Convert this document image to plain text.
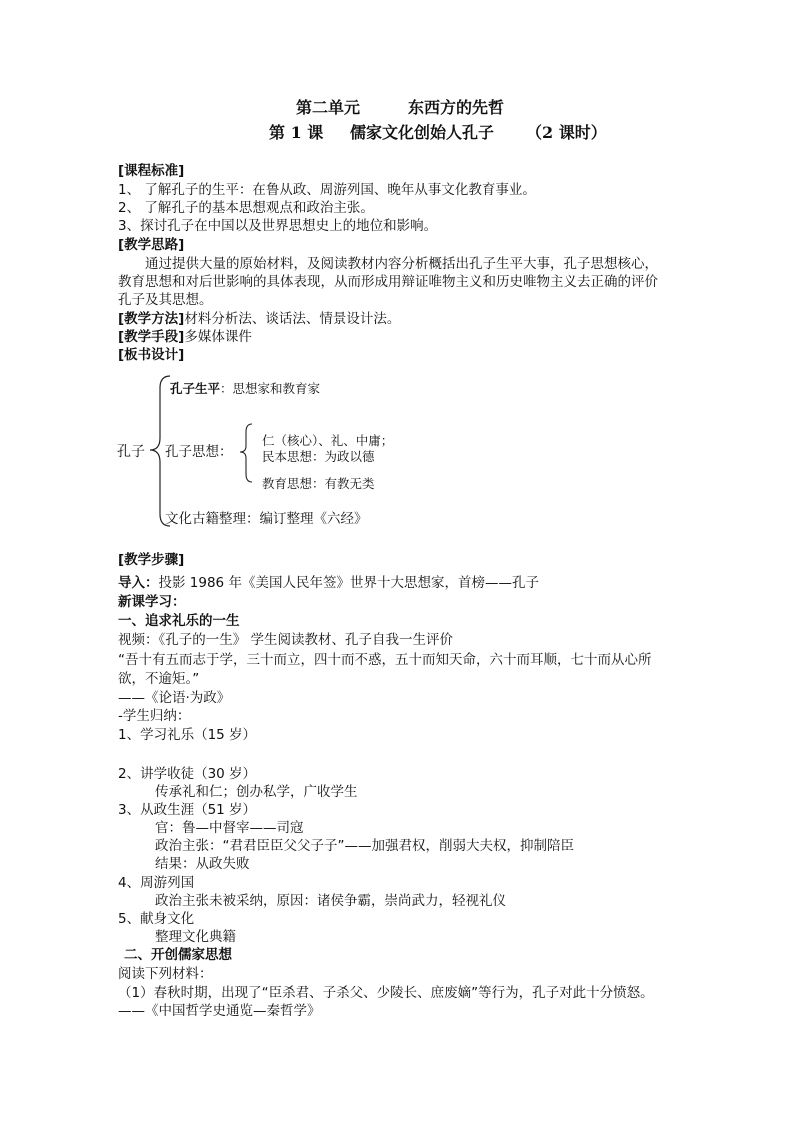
第二单元	东西方的先哲
第 1 课 儒家文化创始人孔子 （2 课时）
[课程标准]
1、 了解孔子的生平：在鲁从政、周游列国、晚年从事文化教育事业。
2、 了解孔子的基本思想观点和政治主张。
3、探讨孔子在中国以及世界思想史上的地位和影响。
[教学思路]
通过提供大量的原始材料，及阅读教材内容分析概括出孔子生平大事，孔子思想核心，
教育思想和对后世影响的具体表现，从而形成用辩证唯物主义和历史唯物主义去正确的评价
孔子及其思想。
[教学方法]材料分析法、谈话法、情景设计法。
[教学手段]多媒体课件
[板书设计]
孔子
孔子生平：思想家和教育家
孔子思想：
仁（核心）、礼、中庸；
民本思想：为政以德
教育思想：有教无类
文化古籍整理：编订整理《六经》
[教学步骤]
导入：投影 1986 年《美国人民年签》世界十大思想家，首榜——孔子
新课学习：
一、追求礼乐的一生
视频：《孔子的一生》 学生阅读教材、孔子自我一生评价
“吾十有五而志于学，三十而立，四十而不惑，五十而知天命，六十而耳顺，七十而从心所
欲，不逾矩。”
——《论语·为政》
-学生归纳：
1、学习礼乐（15 岁）
2、讲学收徒（30 岁）
传承礼和仁；创办私学，广收学生
3、从政生涯（51 岁）
官：鲁—中督宰——司寇
政治主张：“君君臣臣父父子子”——加强君权，削弱大夫权，抑制陪臣
结果：从政失败
4、周游列国
政治主张未被采纳，原因：诸侯争霸，崇尚武力，轻视礼仪
5、献身文化
整理文化典籍
二、开创儒家思想
阅读下列材料：
（1）春秋时期，出现了“臣杀君、子杀父、少陵长、庶废嫡”等行为，孔子对此十分愤怒。
——《中国哲学史通览—秦哲学》
